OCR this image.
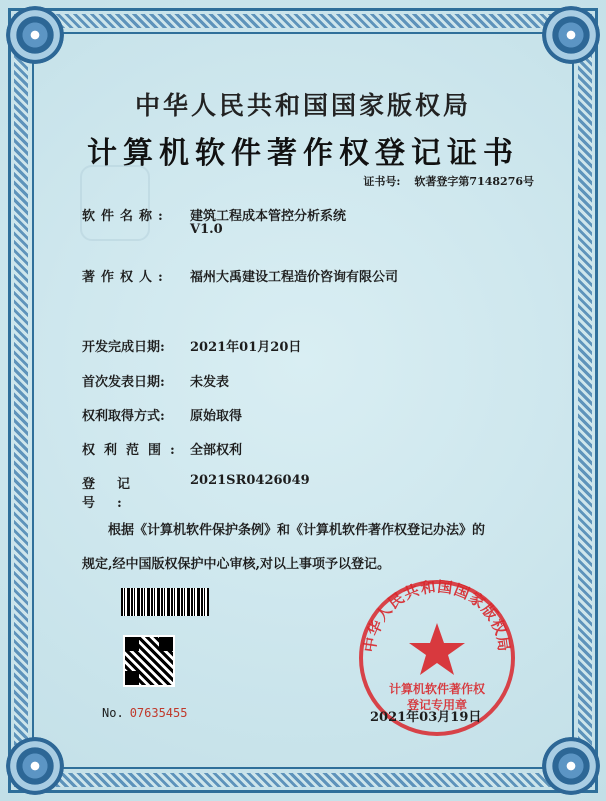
中华人民共和国国家版权局
计算机软件著作权登记证书
证书号: 软著登字第7148276号
软件名称: 建筑工程成本管控分析系统
V1.0
著作权人: 福州大禹建设工程造价咨询有限公司
开发完成日期: 2021年01月20日
首次发表日期: 未发表
权利取得方式: 原始取得
权利范围: 全部权利
登记号:
2021SR0426049
根据《计算机软件保护条例》和《计算机软件著作权登记办法》的
规定,经中国版权保护中心审核,对以上事项予以登记。
No. 07635455
中华人民共和国国家版权局
计算机软件著作权
登记专用章
2021年03月19日
